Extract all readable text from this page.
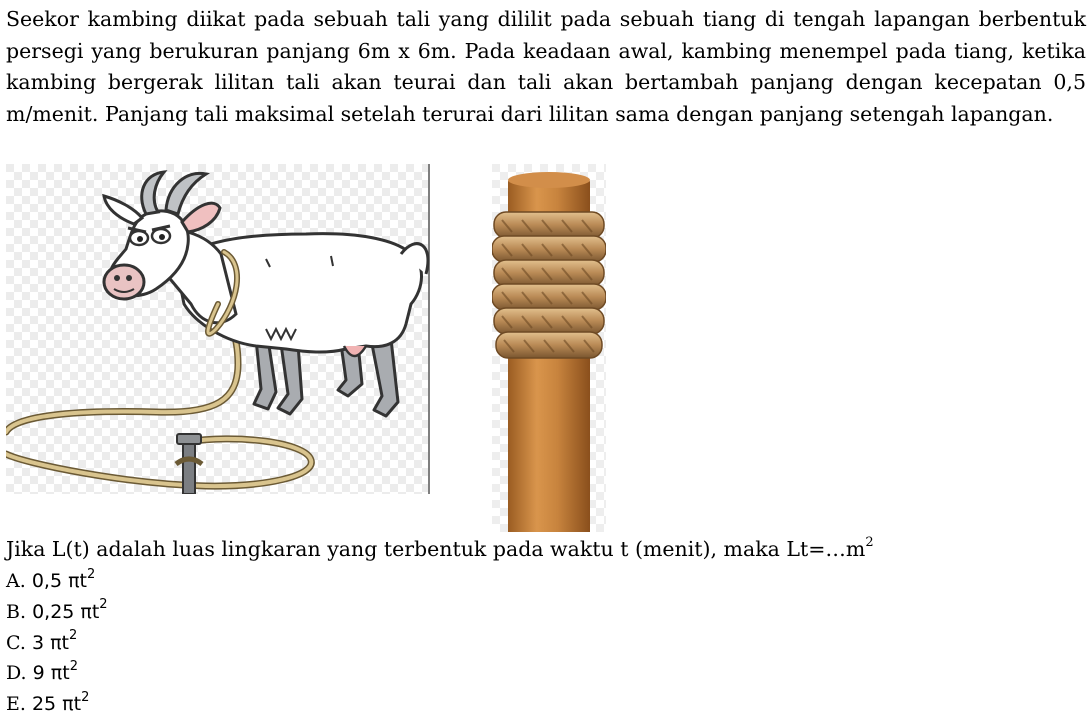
Seekor kambing diikat pada sebuah tali yang dililit pada sebuah tiang di tengah lapangan berbentuk persegi yang berukuran panjang 6m x 6m. Pada keadaan awal, kambing menempel pada tiang, ketika kambing bergerak lilitan tali akan teurai dan tali akan bertambah panjang dengan kecepatan 0,5 m/menit. Panjang tali maksimal setelah terurai dari lilitan sama dengan panjang setengah lapangan.

Jika L(t) adalah luas lingkaran yang terbentuk pada waktu t (menit), maka $Lt=\dots m^2$

A. 0,5 $\pi t^2$
B. 0,25 $\pi t^2$
C. 3 $\pi t^2$
D. 9 $\pi t^2$
E. 25 $\pi t^2$
